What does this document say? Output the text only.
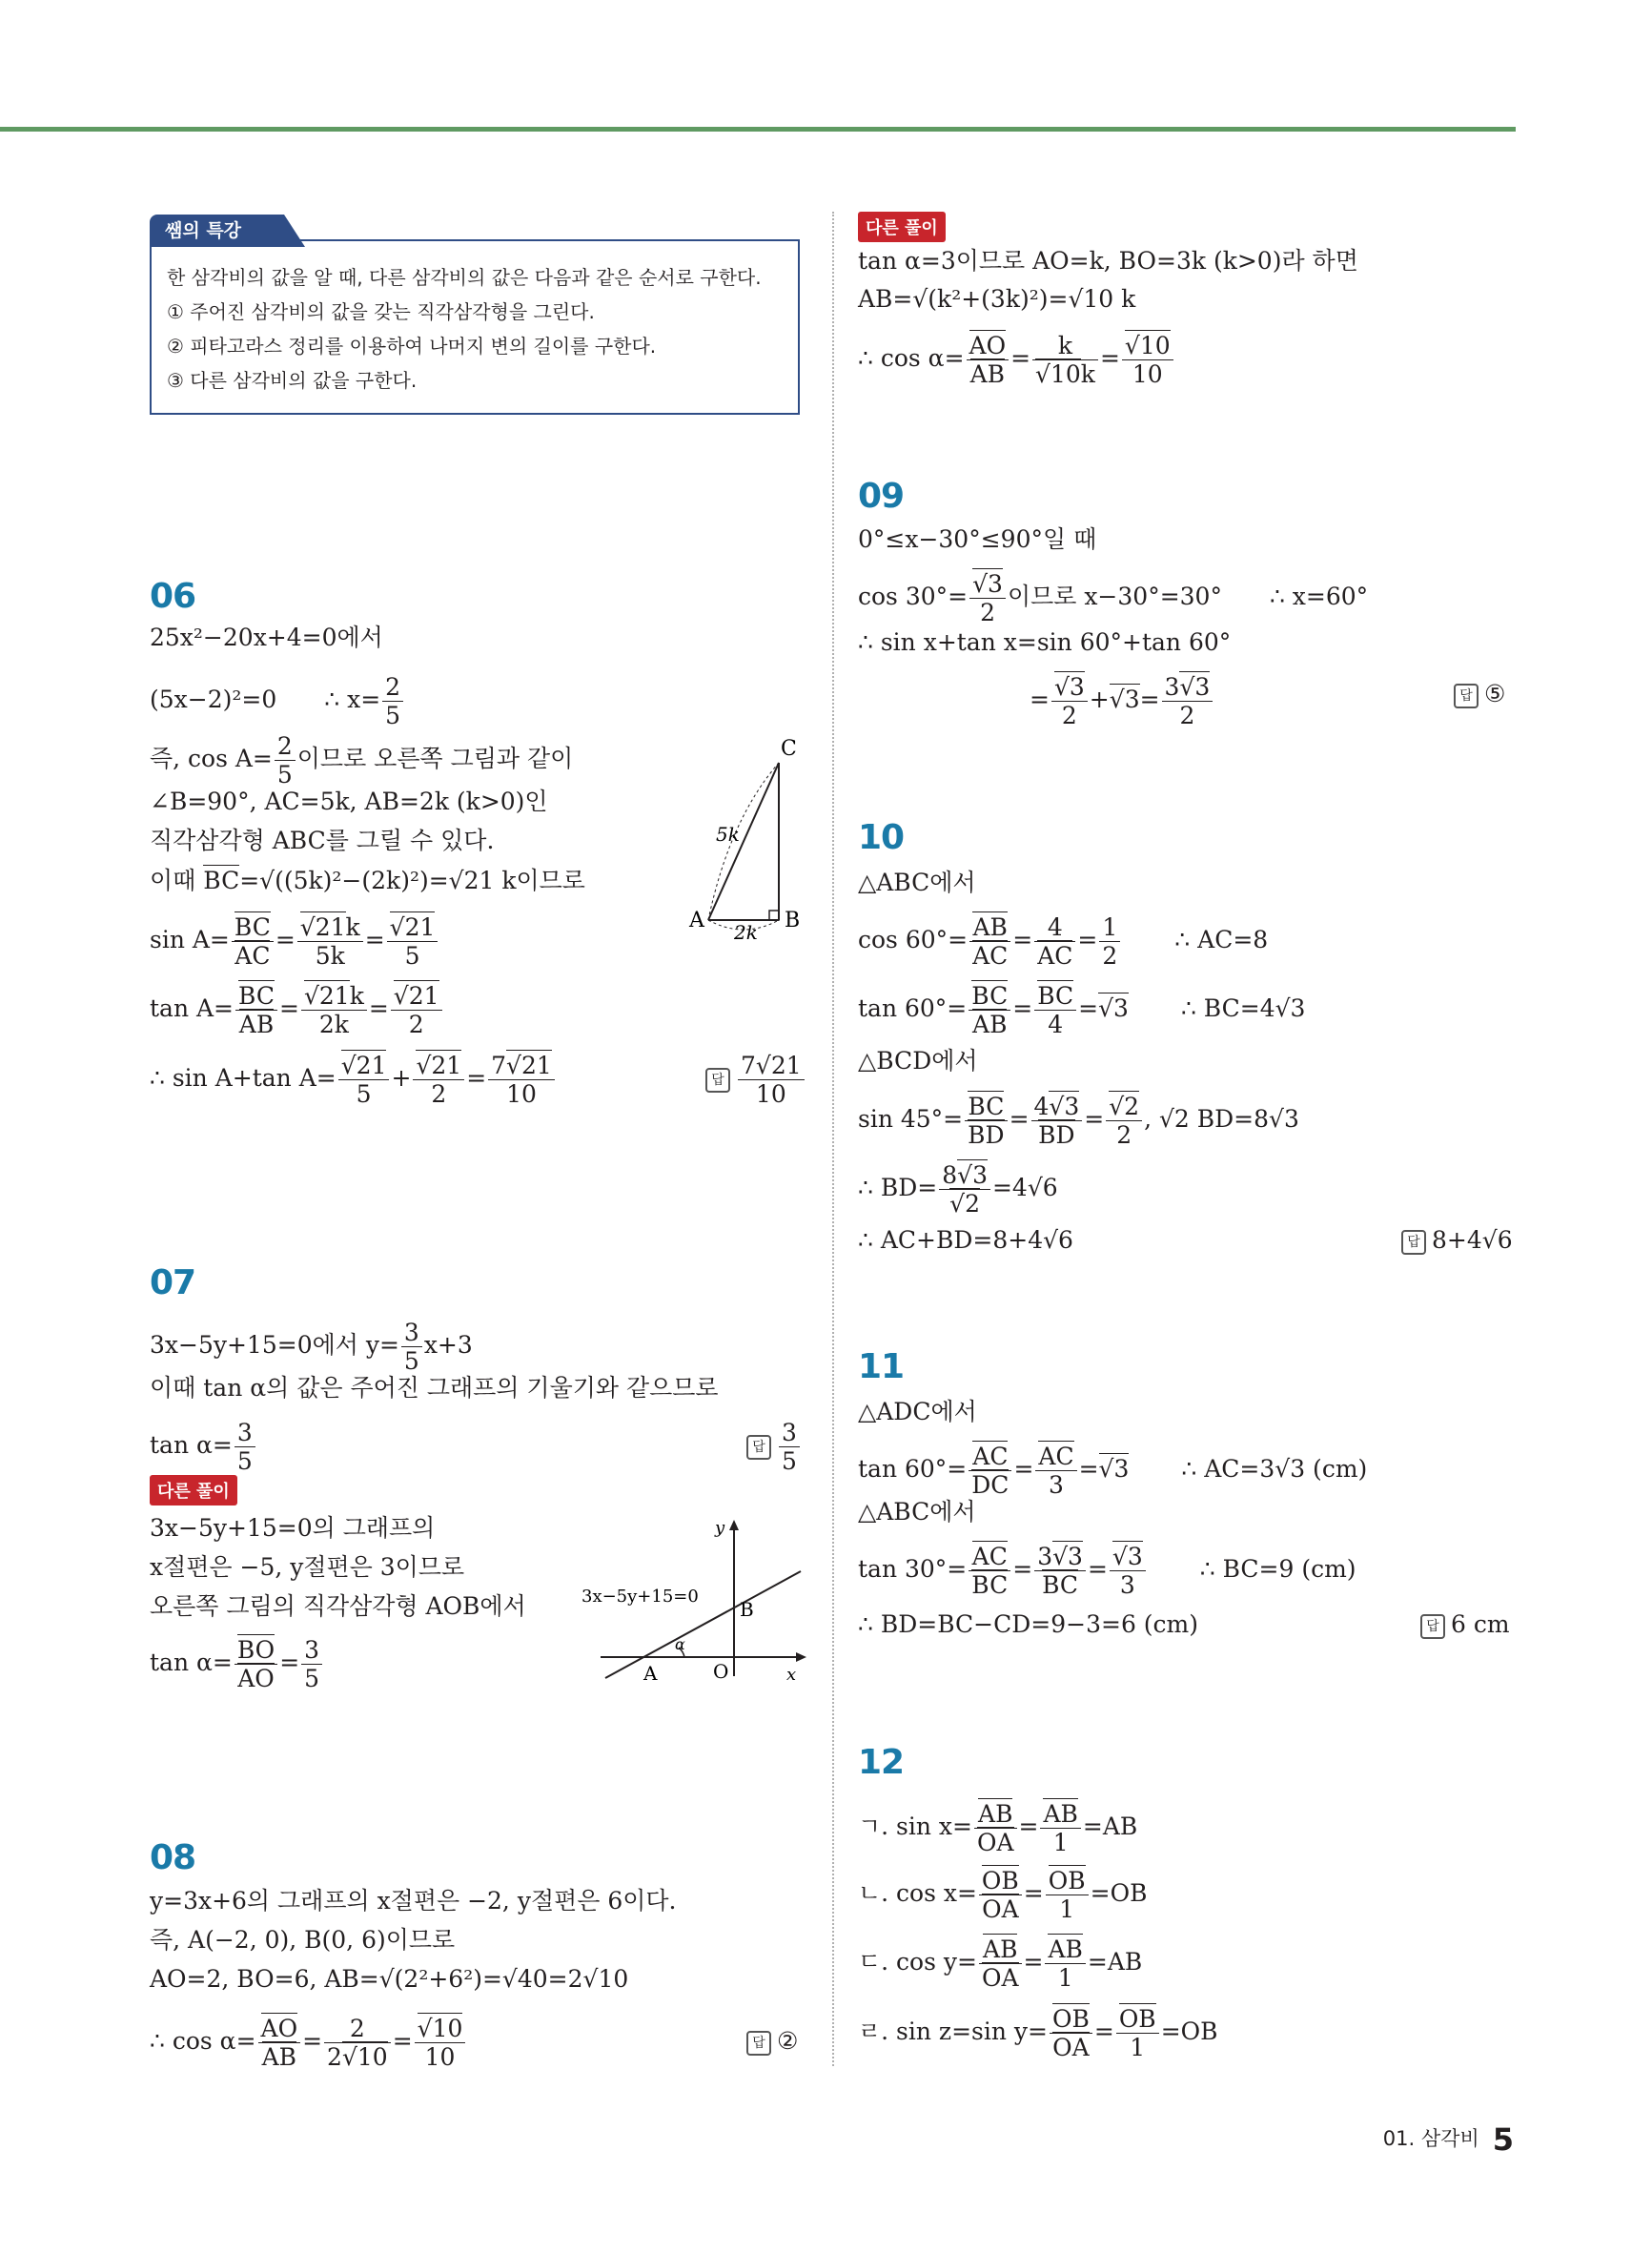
쌤의 특강
한 삼각비의 값을 알 때, 다른 삼각비의 값은 다음과 같은 순서로 구한다.
① 주어진 삼각비의 값을 갖는 직각삼각형을 그린다.
② 피타고라스 정리를 이용하여 나머지 변의 길이를 구한다.
③ 다른 삼각비의 값을 구한다.
06
25x²−20x+4=0에서
(5x−2)²=0 ∴ $x= \frac{2}{5}$
즉, $\cos A= \frac{2}{5}$ 이므로 오른쪽 그림과 같이
∠B=90°, AC=5k, AB=2k (k>0)인
직각삼각형 ABC를 그릴 수 있다.
이때 BC=√((5k)²−(2k)²)=√21 k이므로
$\sin A= \frac{BC}{AC}$ = √ $\frac{21k}{5k}$ = √ $\frac{21}{5}$
$\tan A= \frac{BC}{AB}$ = √ $\frac{21k}{2k}$ = √ $\frac{21}{2}$
∴ sin A+tan A= √ $\frac{21}{5}$ + √ $\frac{21}{2} = \frac{7 √ 21}{10}$	답 $\frac{7√21}{10}$
C
A	B
5k
2k
07
3x−5y+15=0에서 $y= \frac{3}{5} x+3$
이때 tan α의 값은 주어진 그래프의 기울기와 같으므로
$\tan \alpha= \frac{3}{5}$	답 $\frac{3}{5}$
다른 풀이
3x−5y+15=0의 그래프의
x절편은 −5, y절편은 3이므로
오른쪽 그림의 직각삼각형 AOB에서
$\tan \alpha= \frac{BO}{AO} = \frac{3}{5}$
y
x
A	O
B
α
3x−5y+15=0
08
y=3x+6의 그래프의 x절편은 −2, y절편은 6이다.
즉, A(−2, 0), B(0, 6)이므로
AO=2, BO=6, AB=√(2²+6²)=√40=2√10
∴ $\cos \alpha= \frac{AO}{AB} = \frac{2}{2 √ 10}$ = √ $\frac{10}{10}$	답 ②
다른 풀이
tan α=3이므로 AO=k, BO=3k (k>0)라 하면
AB=√(k²+(3k)²)=√10 k
∴ $\cos \alpha= \frac{AO}{AB} = k$
√ 10k = √ $\frac{10}{10}$
09
0°≤x−30°≤90°일 때
cos 30°= √ $\frac{3}{2}$ 이므로 x−30°=30° ∴ x=60°
∴ sin x+tan x=sin 60°+tan 60°
= √ $\frac{3}{2}$ + √ $3= \frac{3 √ 3}{2}$	답 ⑤
10
△ABC에서
$\cos 60^\circ= \frac{AB}{AC} = \frac{4}{AC} = \frac{1}{2}$ ∴ AC=8
$\tan 60^\circ= \frac{BC}{AB} = \frac{BC}{4}$ = √ 3 ∴ BC=4√3
△BCD에서
$\sin 45^\circ= \frac{BC}{BD} = \frac{4 √ 3}{BD}$ = √ $\frac{2}{2}$ , √2 BD=8√3
∴ BD= 8 √ 3
√ 2 =4√6
∴ AC+BD=8+4√6	답 8+4√6
11
△ADC에서
$\tan 60^\circ= \frac{AC}{DC} = \frac{AC}{3}$ = √ 3 ∴ AC=3√3 (cm)
△ABC에서
$\tan 30^\circ= \frac{AC}{BC} = \frac{3 √ 3}{BC}$ = √ $\frac{3}{3}$ ∴ BC=9 (cm)
∴ BD=BC−CD=9−3=6 (cm)	답 6 cm
12
ㄱ. $\sin x= \frac{AB}{OA} = \frac{AB}{1} =AB$
ㄴ. $\cos x= \frac{OB}{OA} = \frac{OB}{1} =OB$
ㄷ. $\cos y= \frac{AB}{OA} = \frac{AB}{1} =AB$
ㄹ. sin z=sin $y= \frac{OB}{OA} = \frac{OB}{1} =OB$
01. 삼각비 5
